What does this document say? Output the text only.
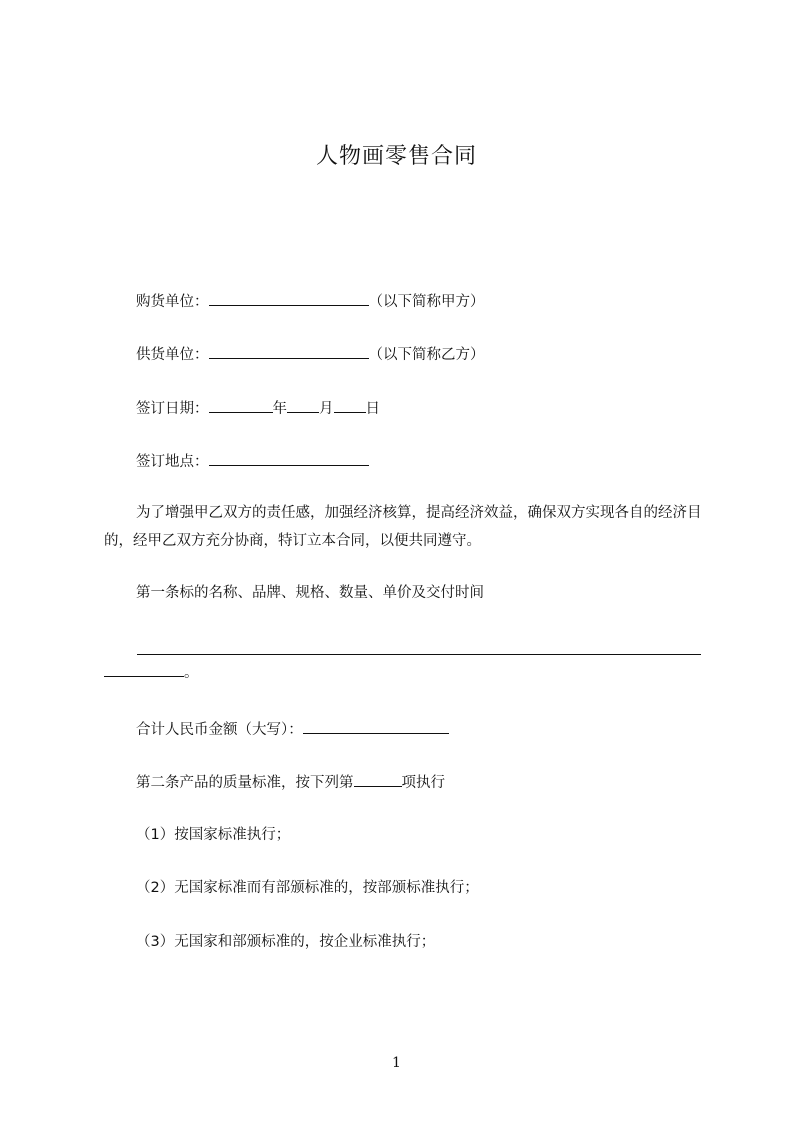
人物画零售合同
购货单位：	（以下简称甲方）
供货单位：	（以下简称乙方）
签订日期：	年 月 日
签订地点：
为了增强甲乙双方的责任感，加强经济核算，提高经济效益，确保双方实现各自的经济目的，经甲乙双方充分协商，特订立本合同，以便共同遵守。
第一条标的名称、品牌、规格、数量、单价及交付时间
。
合计人民币金额（大写）：
第二条产品的质量标准，按下列第	项执行
（1）按国家标准执行；
（2）无国家标准而有部颁标准的，按部颁标准执行；
（3）无国家和部颁标准的，按企业标准执行；
1
